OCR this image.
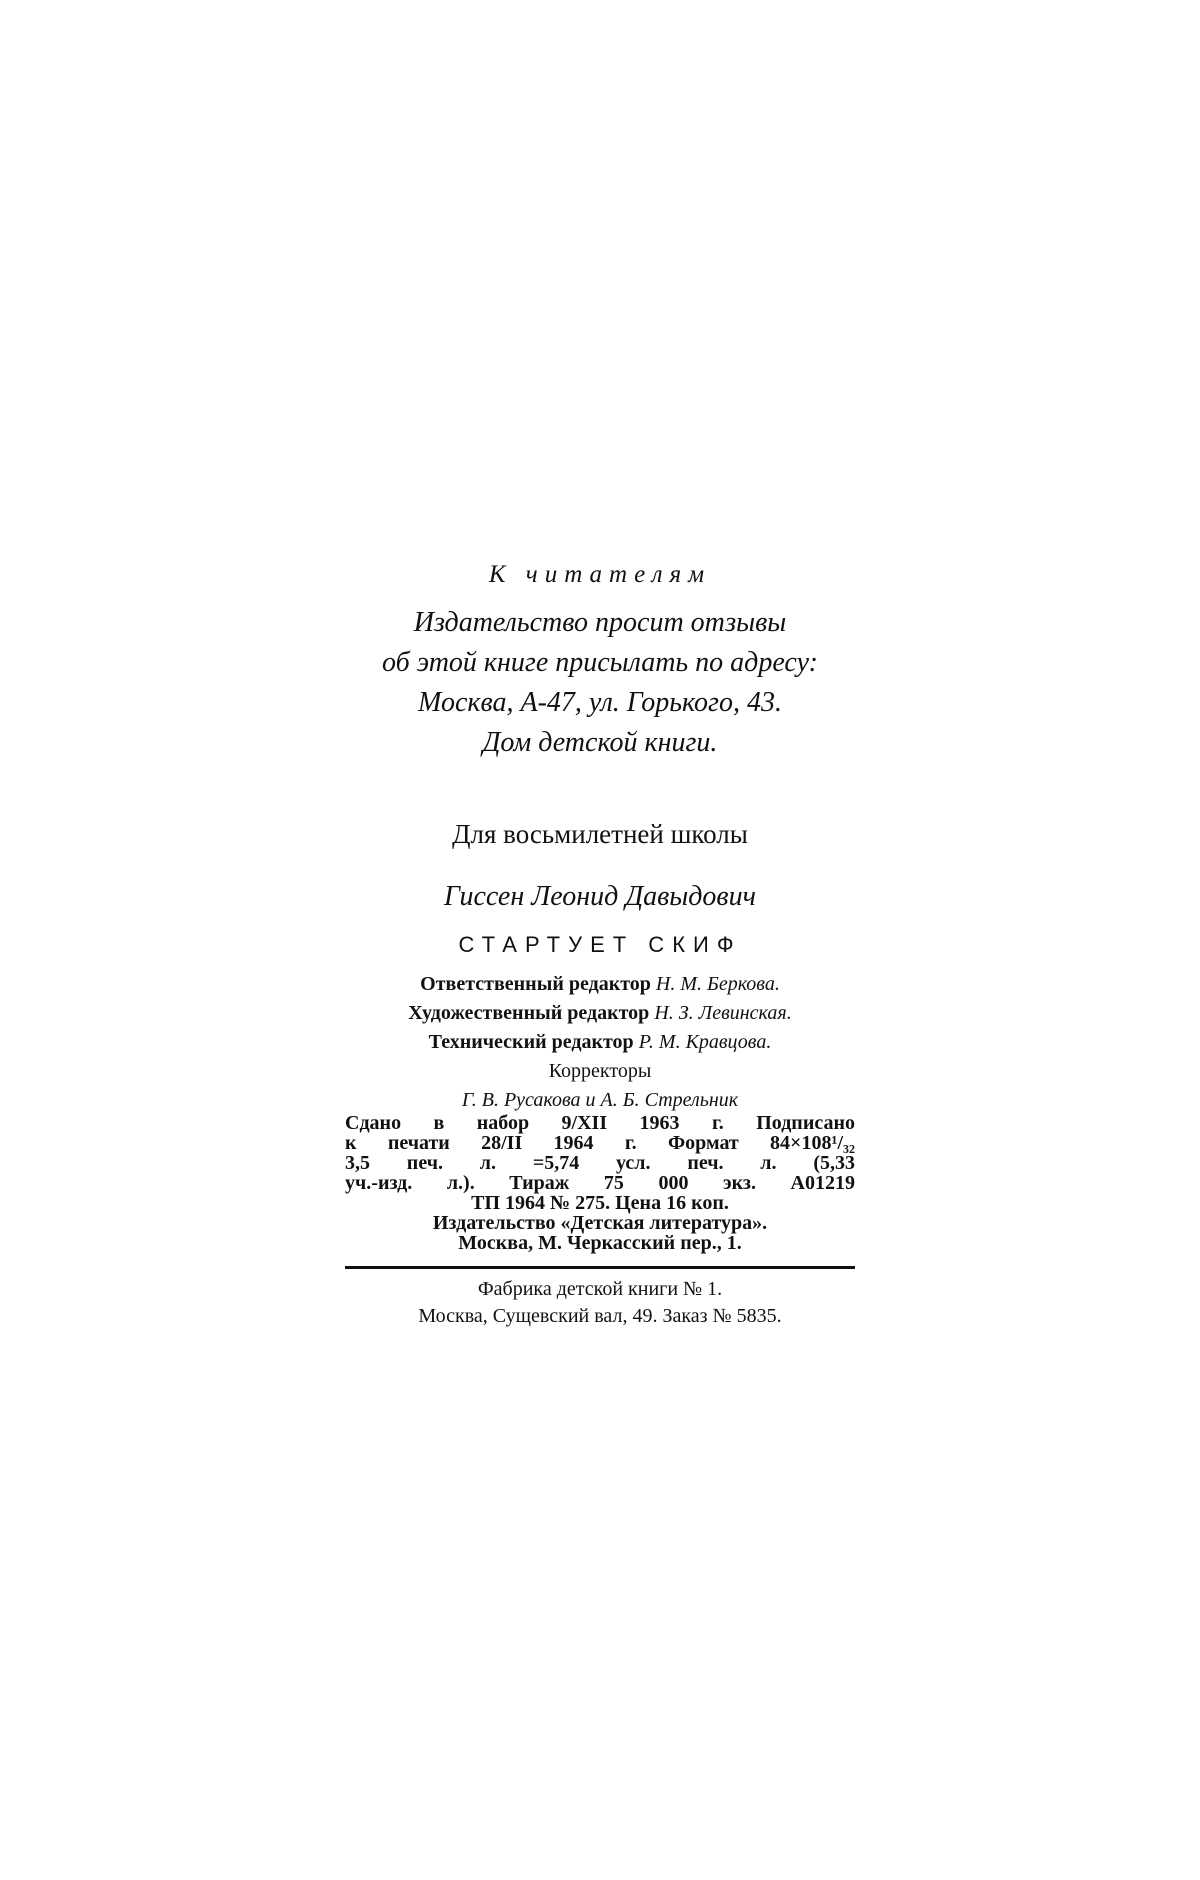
К читателям
Издательство просит отзывы
об этой книге присылать по адресу:
Москва, А-47, ул. Горького, 43.
Дом детской книги.
Для восьмилетней школы
Гиссен Леонид Давыдович
СТАРТУЕТ СКИФ
Ответственный редактор Н. М. Беркова.
Художественный редактор Н. З. Левинская.
Технический редактор Р. М. Кравцова.
Корректоры
Г. В. Русакова и А. Б. Стрельник
Сдано в набор 9/XII 1963 г. Подписано
к печати 28/II 1964 г. Формат 84×108¹/₃₂
3,5 печ. л. =5,74 усл. печ. л. (5,33
уч.-изд. л.). Тираж 75 000 экз. А01219
ТП 1964 № 275. Цена 16 коп.
Издательство «Детская литература».
Москва, М. Черкасский пер., 1.
Фабрика детской книги № 1.
Москва, Сущевский вал, 49. Заказ № 5835.
